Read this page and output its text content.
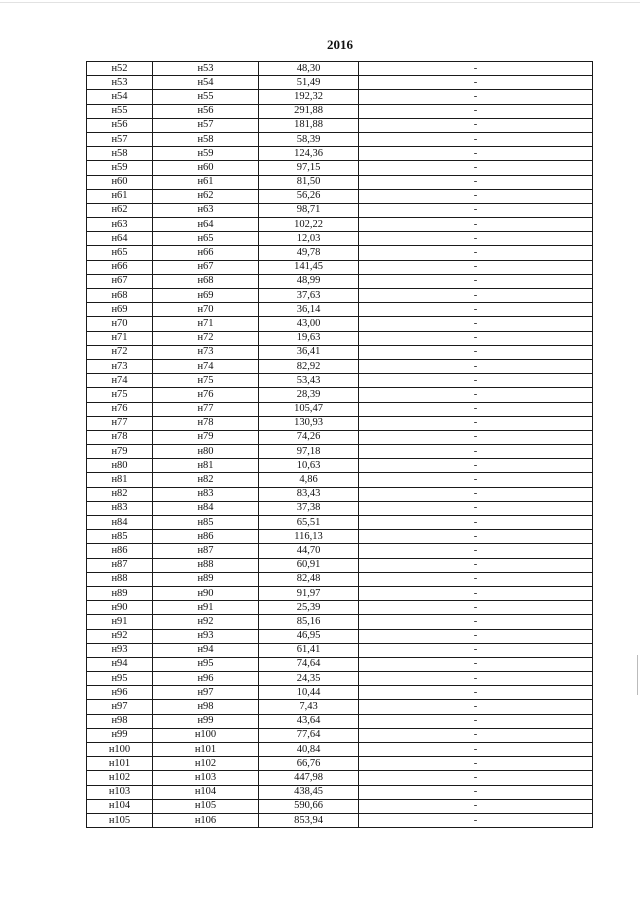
2016
н52	н53	48,30	-
н53	н54	51,49	-
н54	н55	192,32	-
н55	н56	291,88	-
н56	н57	181,88	-
н57	н58	58,39	-
н58	н59	124,36	-
н59	н60	97,15	-
н60	н61	81,50	-
н61	н62	56,26	-
н62	н63	98,71	-
н63	н64	102,22	-
н64	н65	12,03	-
н65	н66	49,78	-
н66	н67	141,45	-
н67	н68	48,99	-
н68	н69	37,63	-
н69	н70	36,14	-
н70	н71	43,00	-
н71	н72	19,63	-
н72	н73	36,41	-
н73	н74	82,92	-
н74	н75	53,43	-
н75	н76	28,39	-
н76	н77	105,47	-
н77	н78	130,93	-
н78	н79	74,26	-
н79	н80	97,18	-
н80	н81	10,63	-
н81	н82	4,86	-
н82	н83	83,43	-
н83	н84	37,38	-
н84	н85	65,51	-
н85	н86	116,13	-
н86	н87	44,70	-
н87	н88	60,91	-
н88	н89	82,48	-
н89	н90	91,97	-
н90	н91	25,39	-
н91	н92	85,16	-
н92	н93	46,95	-
н93	н94	61,41	-
н94	н95	74,64	-
н95	н96	24,35	-
н96	н97	10,44	-
н97	н98	7,43	-
н98	н99	43,64	-
н99	н100	77,64	-
н100	н101	40,84	-
н101	н102	66,76	-
н102	н103	447,98	-
н103	н104	438,45	-
н104	н105	590,66	-
н105	н106	853,94	-
